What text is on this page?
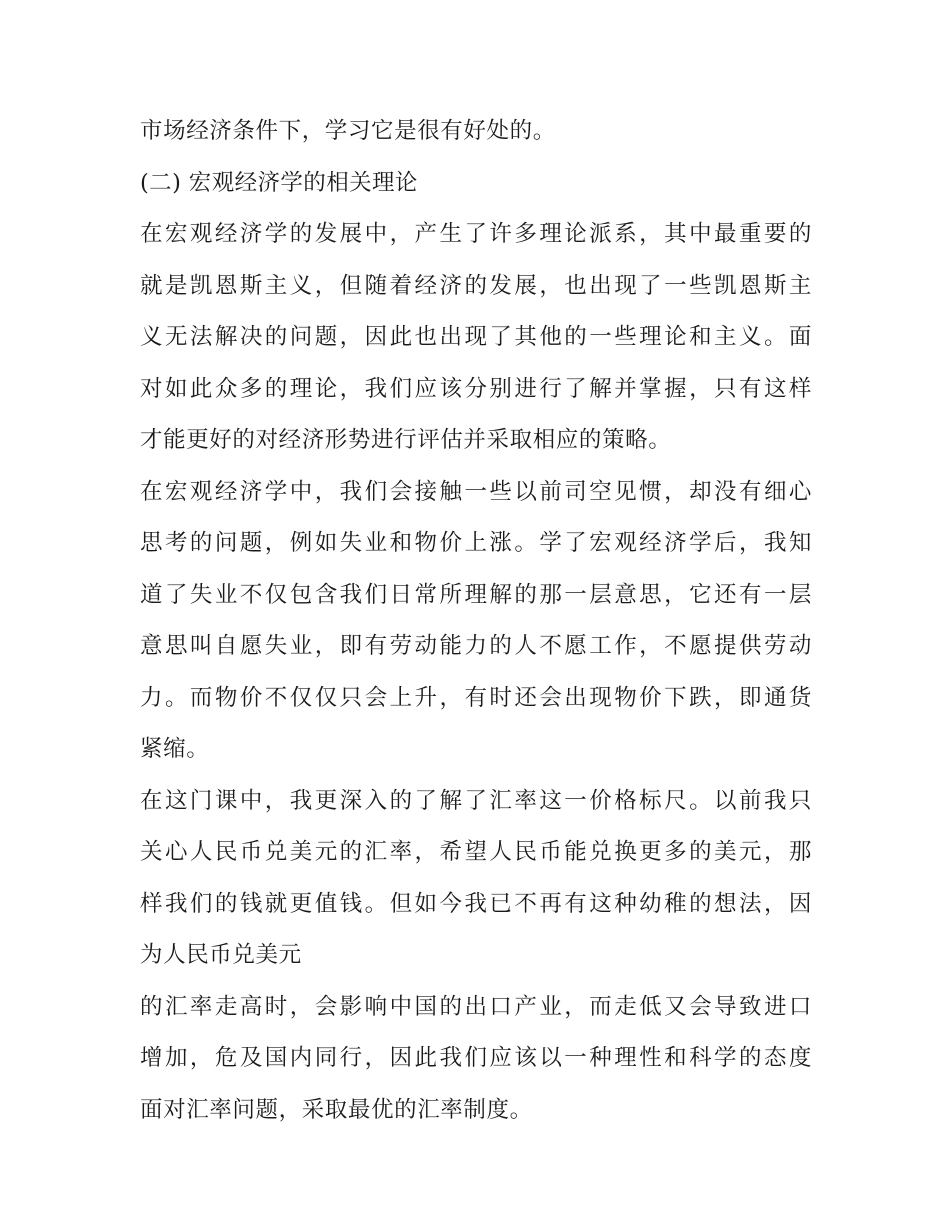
市场经济条件下，学习它是很有好处的。
(二) 宏观经济学的相关理论
在宏观经济学的发展中，产生了许多理论派系，其中最重要的
就是凯恩斯主义，但随着经济的发展，也出现了一些凯恩斯主
义无法解决的问题，因此也出现了其他的一些理论和主义。面
对如此众多的理论，我们应该分别进行了解并掌握，只有这样
才能更好的对经济形势进行评估并采取相应的策略。
在宏观经济学中，我们会接触一些以前司空见惯，却没有细心
思考的问题，例如失业和物价上涨。学了宏观经济学后，我知
道了失业不仅包含我们日常所理解的那一层意思，它还有一层
意思叫自愿失业，即有劳动能力的人不愿工作，不愿提供劳动
力。而物价不仅仅只会上升，有时还会出现物价下跌，即通货
紧缩。
在这门课中，我更深入的了解了汇率这一价格标尺。以前我只
关心人民币兑美元的汇率，希望人民币能兑换更多的美元，那
样我们的钱就更值钱。但如今我已不再有这种幼稚的想法，因
为人民币兑美元
的汇率走高时，会影响中国的出口产业，而走低又会导致进口
增加，危及国内同行，因此我们应该以一种理性和科学的态度
面对汇率问题，采取最优的汇率制度。
